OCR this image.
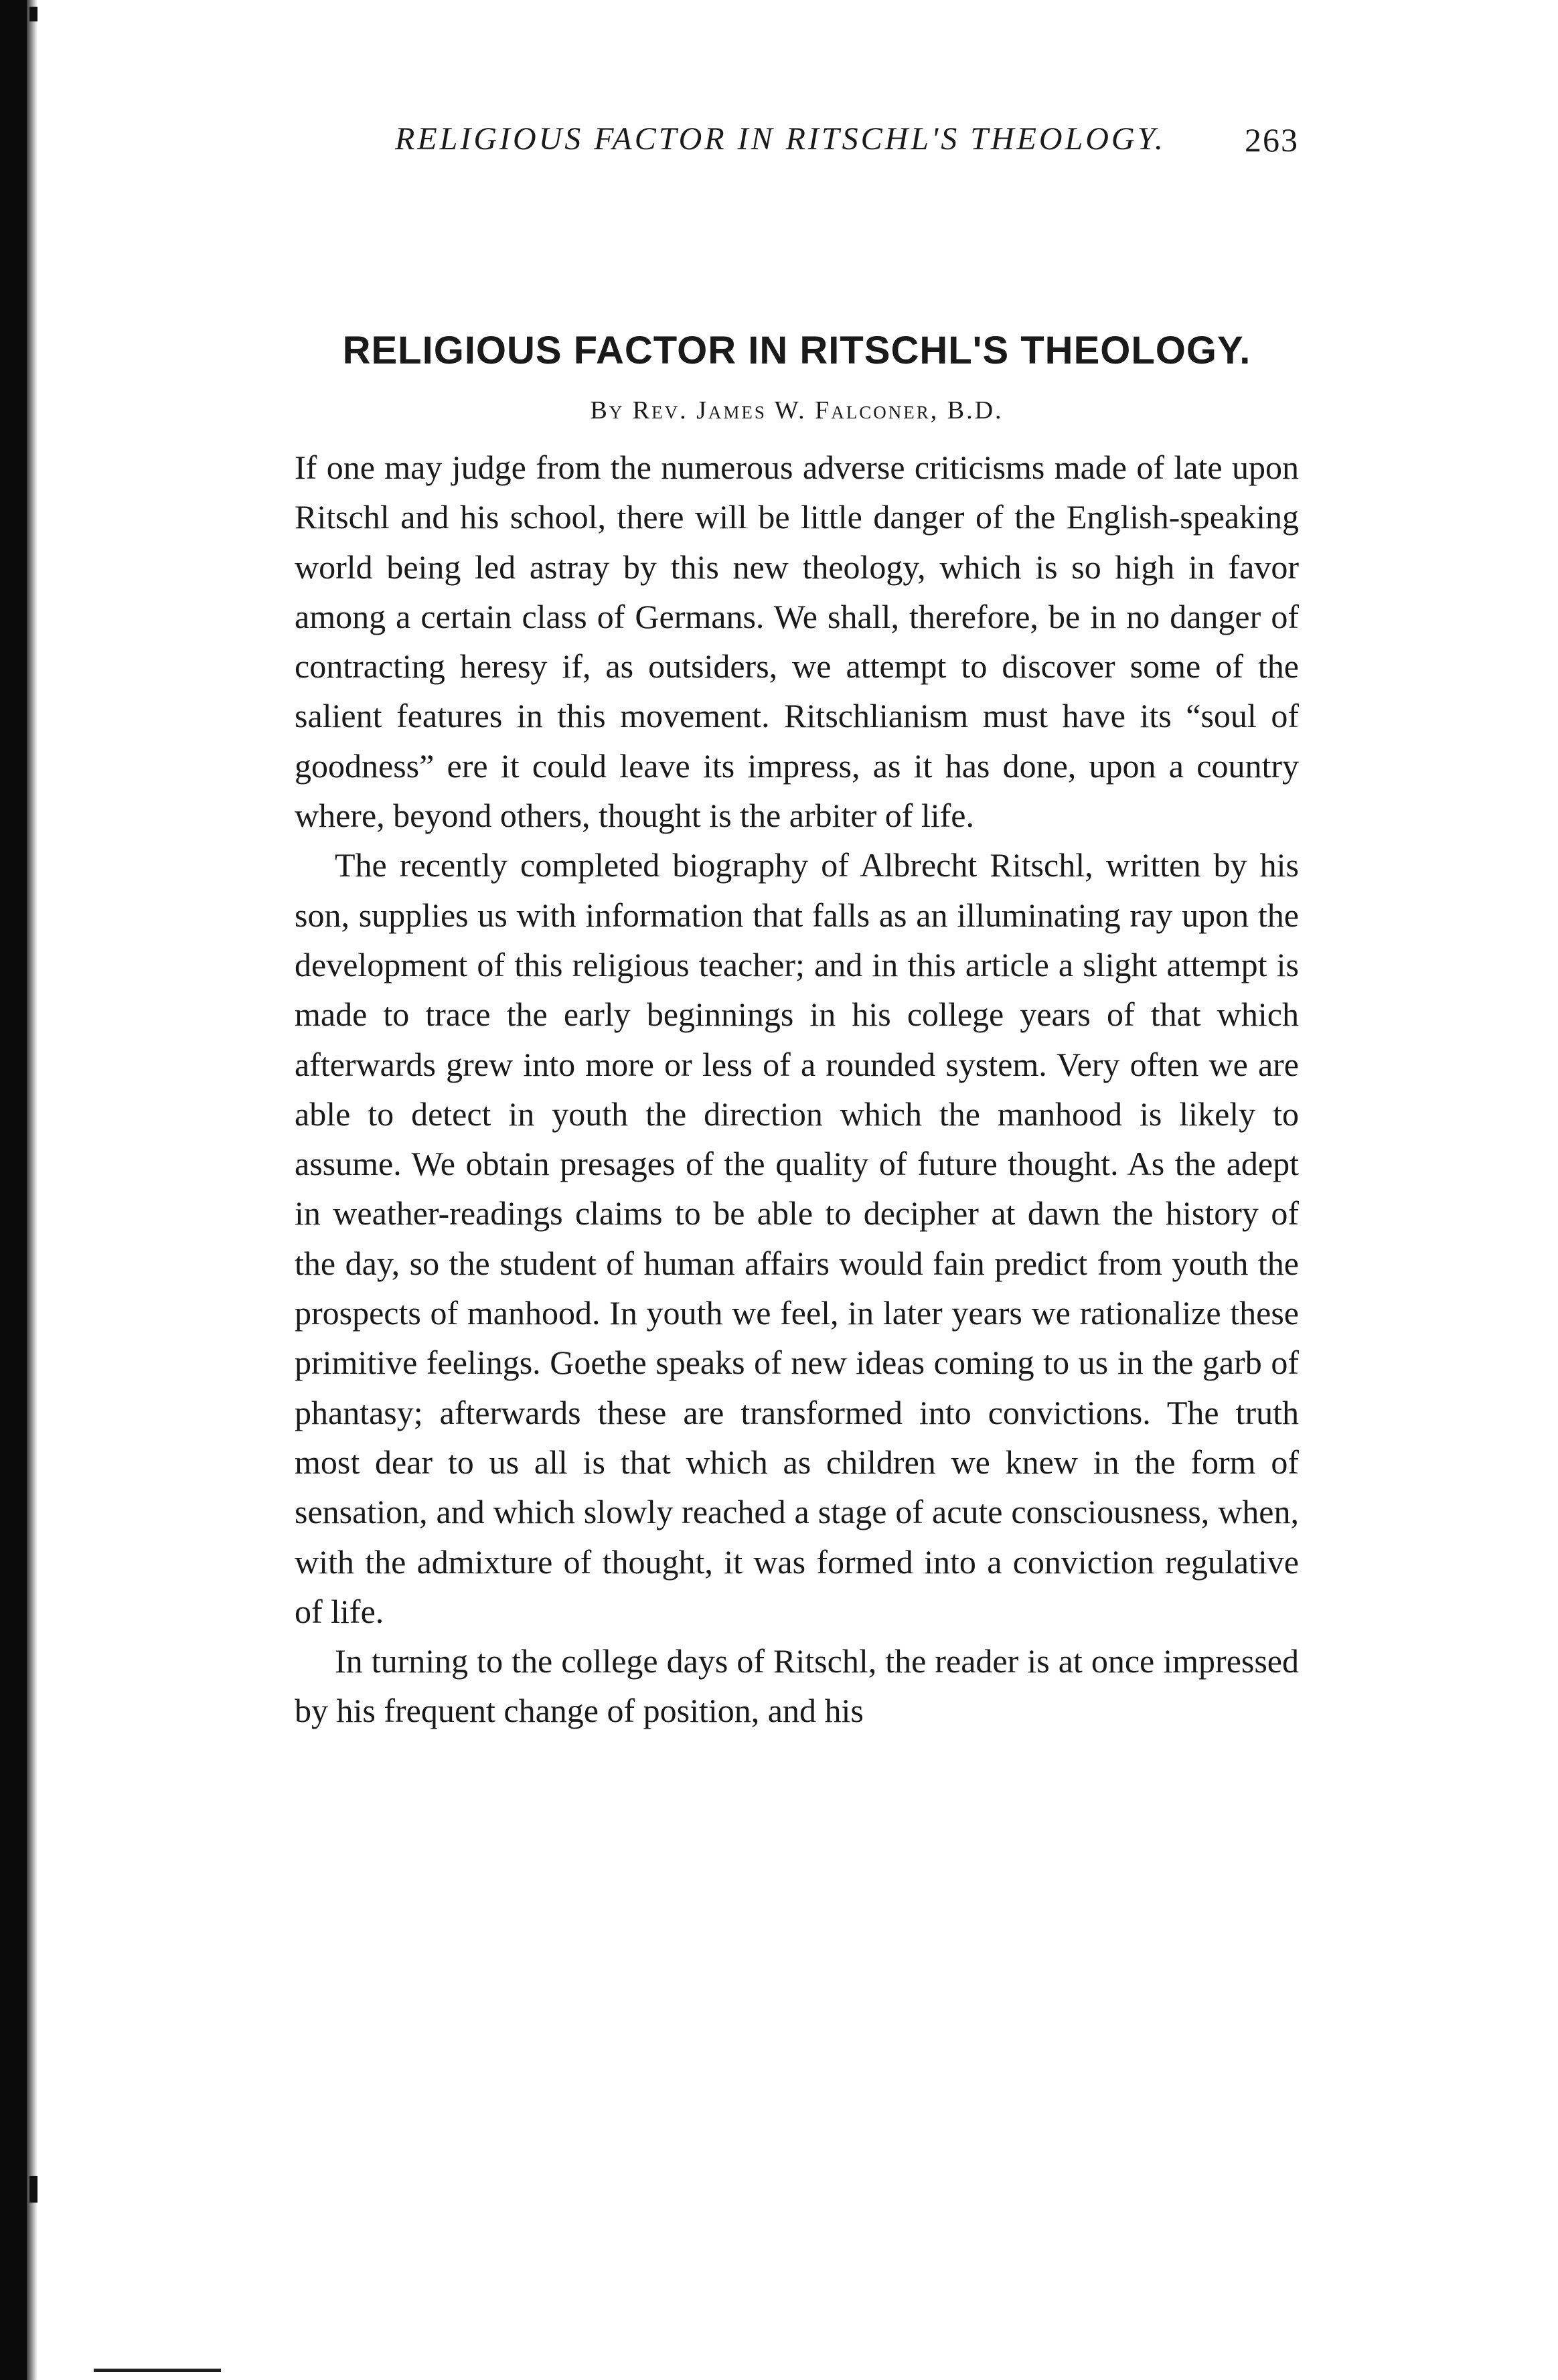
RELIGIOUS FACTOR IN RITSCHL'S THEOLOGY. 263
RELIGIOUS FACTOR IN RITSCHL'S THEOLOGY.
By Rev. James W. Falconer, B.D.

If one may judge from the numerous adverse criticisms made of late upon Ritschl and his school, there will be little danger of the English-speaking world being led astray by this new theology, which is so high in favor among a certain class of Germans. We shall, therefore, be in no danger of contracting heresy if, as outsiders, we attempt to discover some of the salient features in this movement. Ritschlianism must have its “soul of goodness” ere it could leave its impress, as it has done, upon a country where, beyond others, thought is the arbiter of life.

The recently completed biography of Albrecht Ritschl, written by his son, supplies us with information that falls as an illuminating ray upon the development of this religious teacher; and in this article a slight attempt is made to trace the early beginnings in his college years of that which afterwards grew into more or less of a rounded system. Very often we are able to detect in youth the direction which the manhood is likely to assume. We obtain presages of the quality of future thought. As the adept in weather-readings claims to be able to decipher at dawn the history of the day, so the student of human affairs would fain predict from youth the prospects of manhood. In youth we feel, in later years we rationalize these primitive feelings. Goethe speaks of new ideas coming to us in the garb of phantasy; afterwards these are transformed into convictions. The truth most dear to us all is that which as children we knew in the form of sensation, and which slowly reached a stage of acute consciousness, when, with the admixture of thought, it was formed into a conviction regulative of life.

In turning to the college days of Ritschl, the reader is at once impressed by his frequent change of position, and his
